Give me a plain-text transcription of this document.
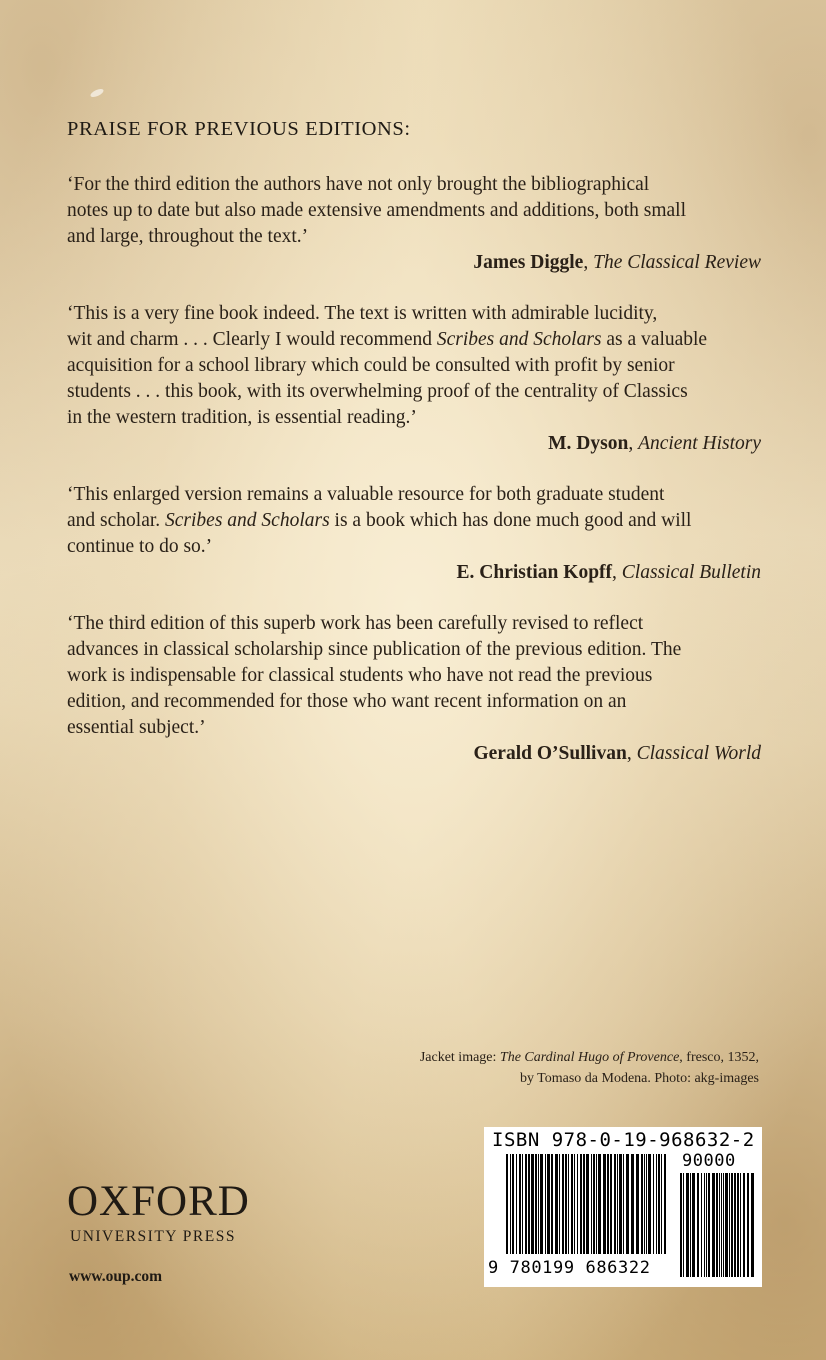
PRAISE FOR PREVIOUS EDITIONS:

‘For the third edition the authors have not only brought the bibliographical
notes up to date but also made extensive amendments and additions, both small
and large, throughout the text.’

James Diggle, The Classical Review

‘This is a very fine book indeed. The text is written with admirable lucidity,
wit and charm . . . Clearly I would recommend Scribes and Scholars as a valuable
acquisition for a school library which could be consulted with profit by senior
students . . . this book, with its overwhelming proof of the centrality of Classics
in the western tradition, is essential reading.’

M. Dyson, Ancient History

‘This enlarged version remains a valuable resource for both graduate student
and scholar. Scribes and Scholars is a book which has done much good and will
continue to do so.’

E. Christian Kopff, Classical Bulletin

‘The third edition of this superb work has been carefully revised to reflect
advances in classical scholarship since publication of the previous edition. The
work is indispensable for classical students who have not read the previous
edition, and recommended for those who want recent information on an
essential subject.’

Gerald O’Sullivan, Classical World

Jacket image: The Cardinal Hugo of Provence, fresco, 1352,
by Tomaso da Modena. Photo: akg-images
OXFORD
UNIVERSITY PRESS
www.oup.com
ISBN 978-0-19-968632-2
90000
9 780199 686322
